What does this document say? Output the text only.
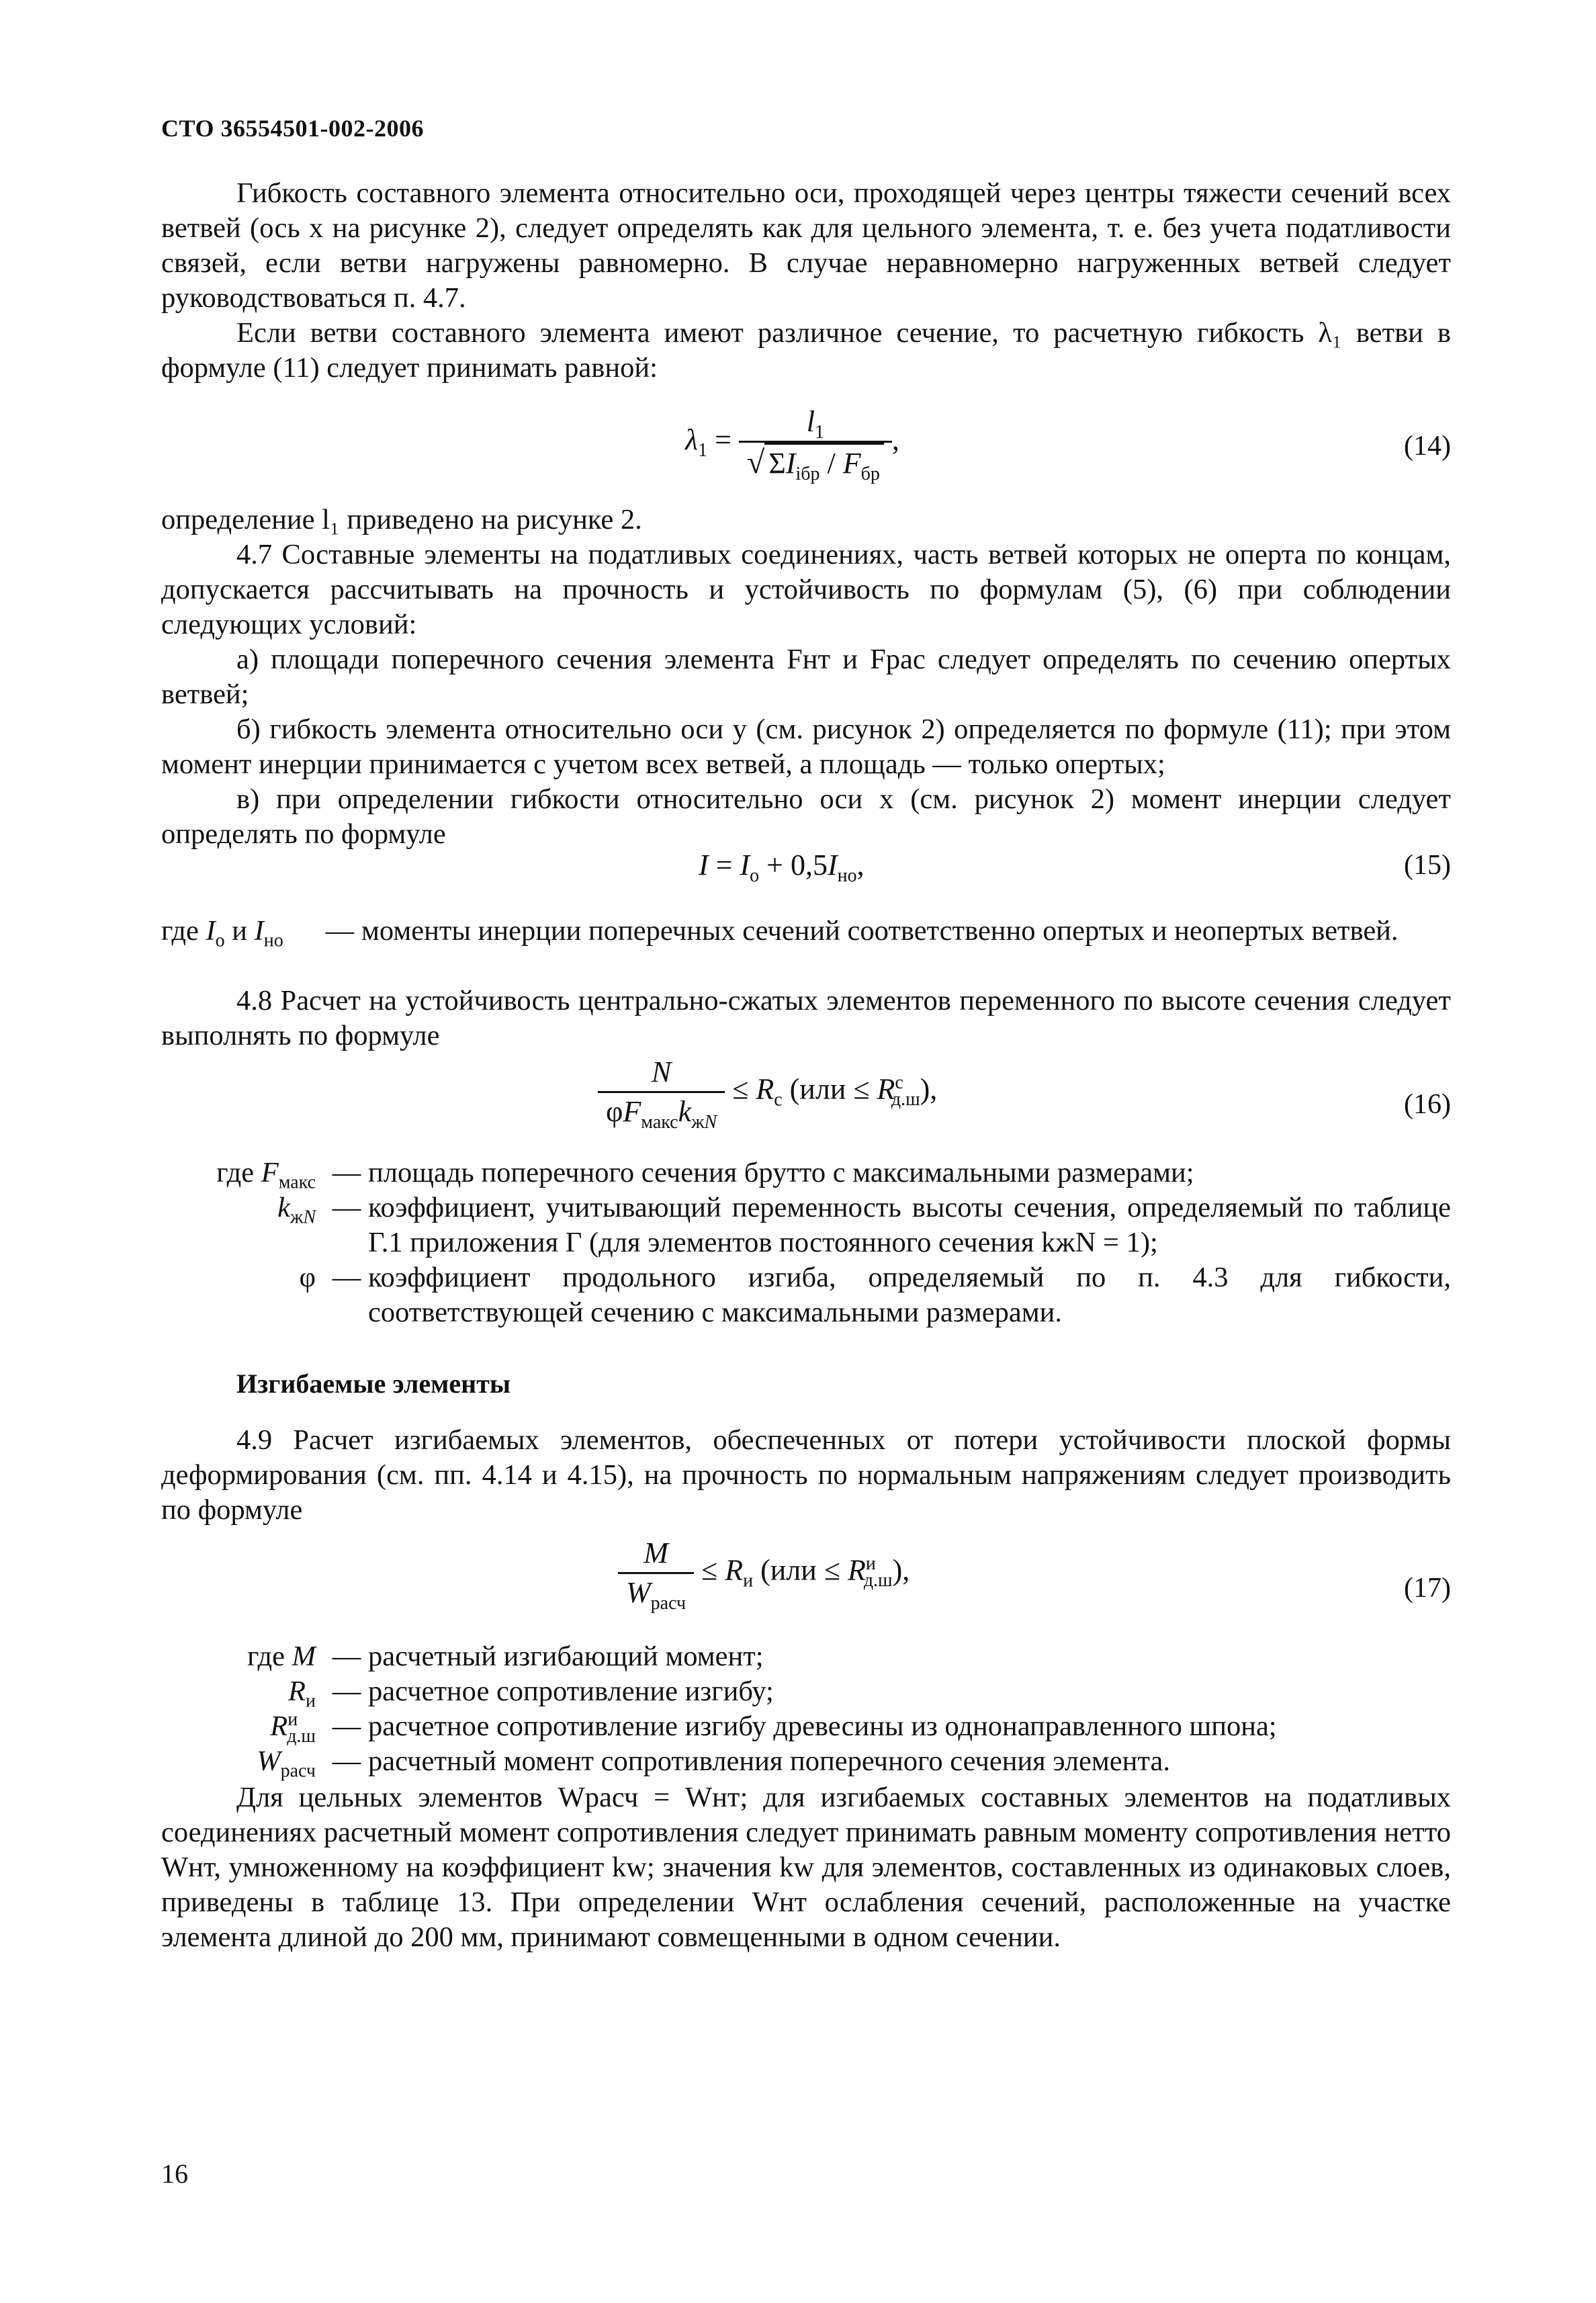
СТО 36554501-002-2006
Гибкость составного элемента относительно оси, проходящей через центры тяжести сечений всех ветвей (ось x на рисунке 2), следует определять как для цельного элемента, т. е. без учета податливости связей, если ветви нагружены равномерно. В случае неравномерно нагруженных ветвей следует руководствоваться п. 4.7.
Если ветви составного элемента имеют различное сечение, то расчетную гибкость λ₁ ветви в формуле (11) следует принимать равной:
$\lambda_1 = \frac{l_1}{√ \Sigma I_{iбр} / F_{бр}}$ ,	(14)
определение l₁ приведено на рисунке 2.
4.7 Составные элементы на податливых соединениях, часть ветвей которых не оперта по концам, допускается рассчитывать на прочность и устойчивость по формулам (5), (6) при соблюдении следующих условий:
а) площади поперечного сечения элемента Fнт и Fрас следует определять по сечению опертых ветвей;
б) гибкость элемента относительно оси y (см. рисунок 2) определяется по формуле (11); при этом момент инерции принимается с учетом всех ветвей, а площадь — только опертых;
в) при определении гибкости относительно оси x (см. рисунок 2) момент инерции следует определять по формуле
$I = I_о + 0,5I_{но}$,	(15)
где $I_о$ и $I_{но}$	— моменты инерции поперечных сечений соответственно опертых и неопертых ветвей.
4.8 Расчет на устойчивость центрально-сжатых элементов переменного по высоте сечения следует выполнять по формуле
$\frac{N}{\varphi F_{макс}k_{жN}} \le R_с$ $(или \le R^с_{д.ш})$,	(16)
где $F_{макс}$ — площадь поперечного сечения брутто с максимальными размерами;
$k_{жN}$ — коэффициент, учитывающий переменность высоты сечения, определяемый по таблице Г.1 приложения Г (для элементов постоянного сечения kжN = 1);
φ — коэффициент продольного изгиба, определяемый по п. 4.3 для гибкости, соответствующей сечению с максимальными размерами.
Изгибаемые элементы
4.9 Расчет изгибаемых элементов, обеспеченных от потери устойчивости плоской формы деформирования (см. пп. 4.14 и 4.15), на прочность по нормальным напряжениям следует производить по формуле
$\frac{M}{W_{расч}} \le R_и$ $(или \le R^и_{д.ш})$,
(17)
где M — расчетный изгибающий момент;
$R_и$ — расчетное сопротивление изгибу;
$R^и_{д.ш}$ — расчетное сопротивление изгибу древесины из однонаправленного шпона;
$W_{расч}$ — расчетный момент сопротивления поперечного сечения элемента.
Для цельных элементов Wрасч = Wнт; для изгибаемых составных элементов на податливых соединениях расчетный момент сопротивления следует принимать равным моменту сопротивления нетто Wнт, умноженному на коэффициент kw; значения kw для элементов, составленных из одинаковых слоев, приведены в таблице 13. При определении Wнт ослабления сечений, расположенные на участке элемента длиной до 200 мм, принимают совмещенными в одном сечении.
16
